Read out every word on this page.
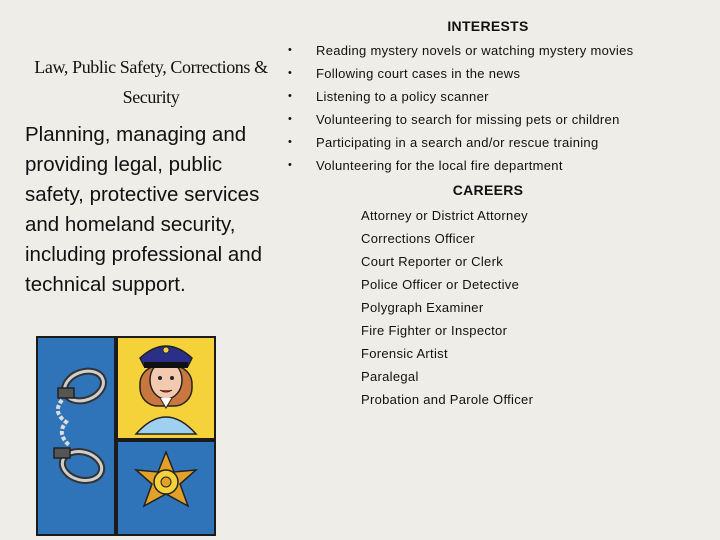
Law, Public Safety, Corrections &
Security
Planning, managing and providing legal, public safety, protective services and homeland security, including professional and technical support.
INTERESTS
• Reading mystery novels or watching mystery movies
• Following court cases in the news
• Listening to a policy scanner
• Volunteering to search for missing pets or children
• Participating in a search and/or rescue training
• Volunteering for the local fire department
CAREERS
Attorney or District Attorney
Corrections Officer
Court Reporter or Clerk
Police Officer or Detective
Polygraph Examiner
Fire Fighter or Inspector
Forensic Artist
Paralegal
Probation and Parole Officer
